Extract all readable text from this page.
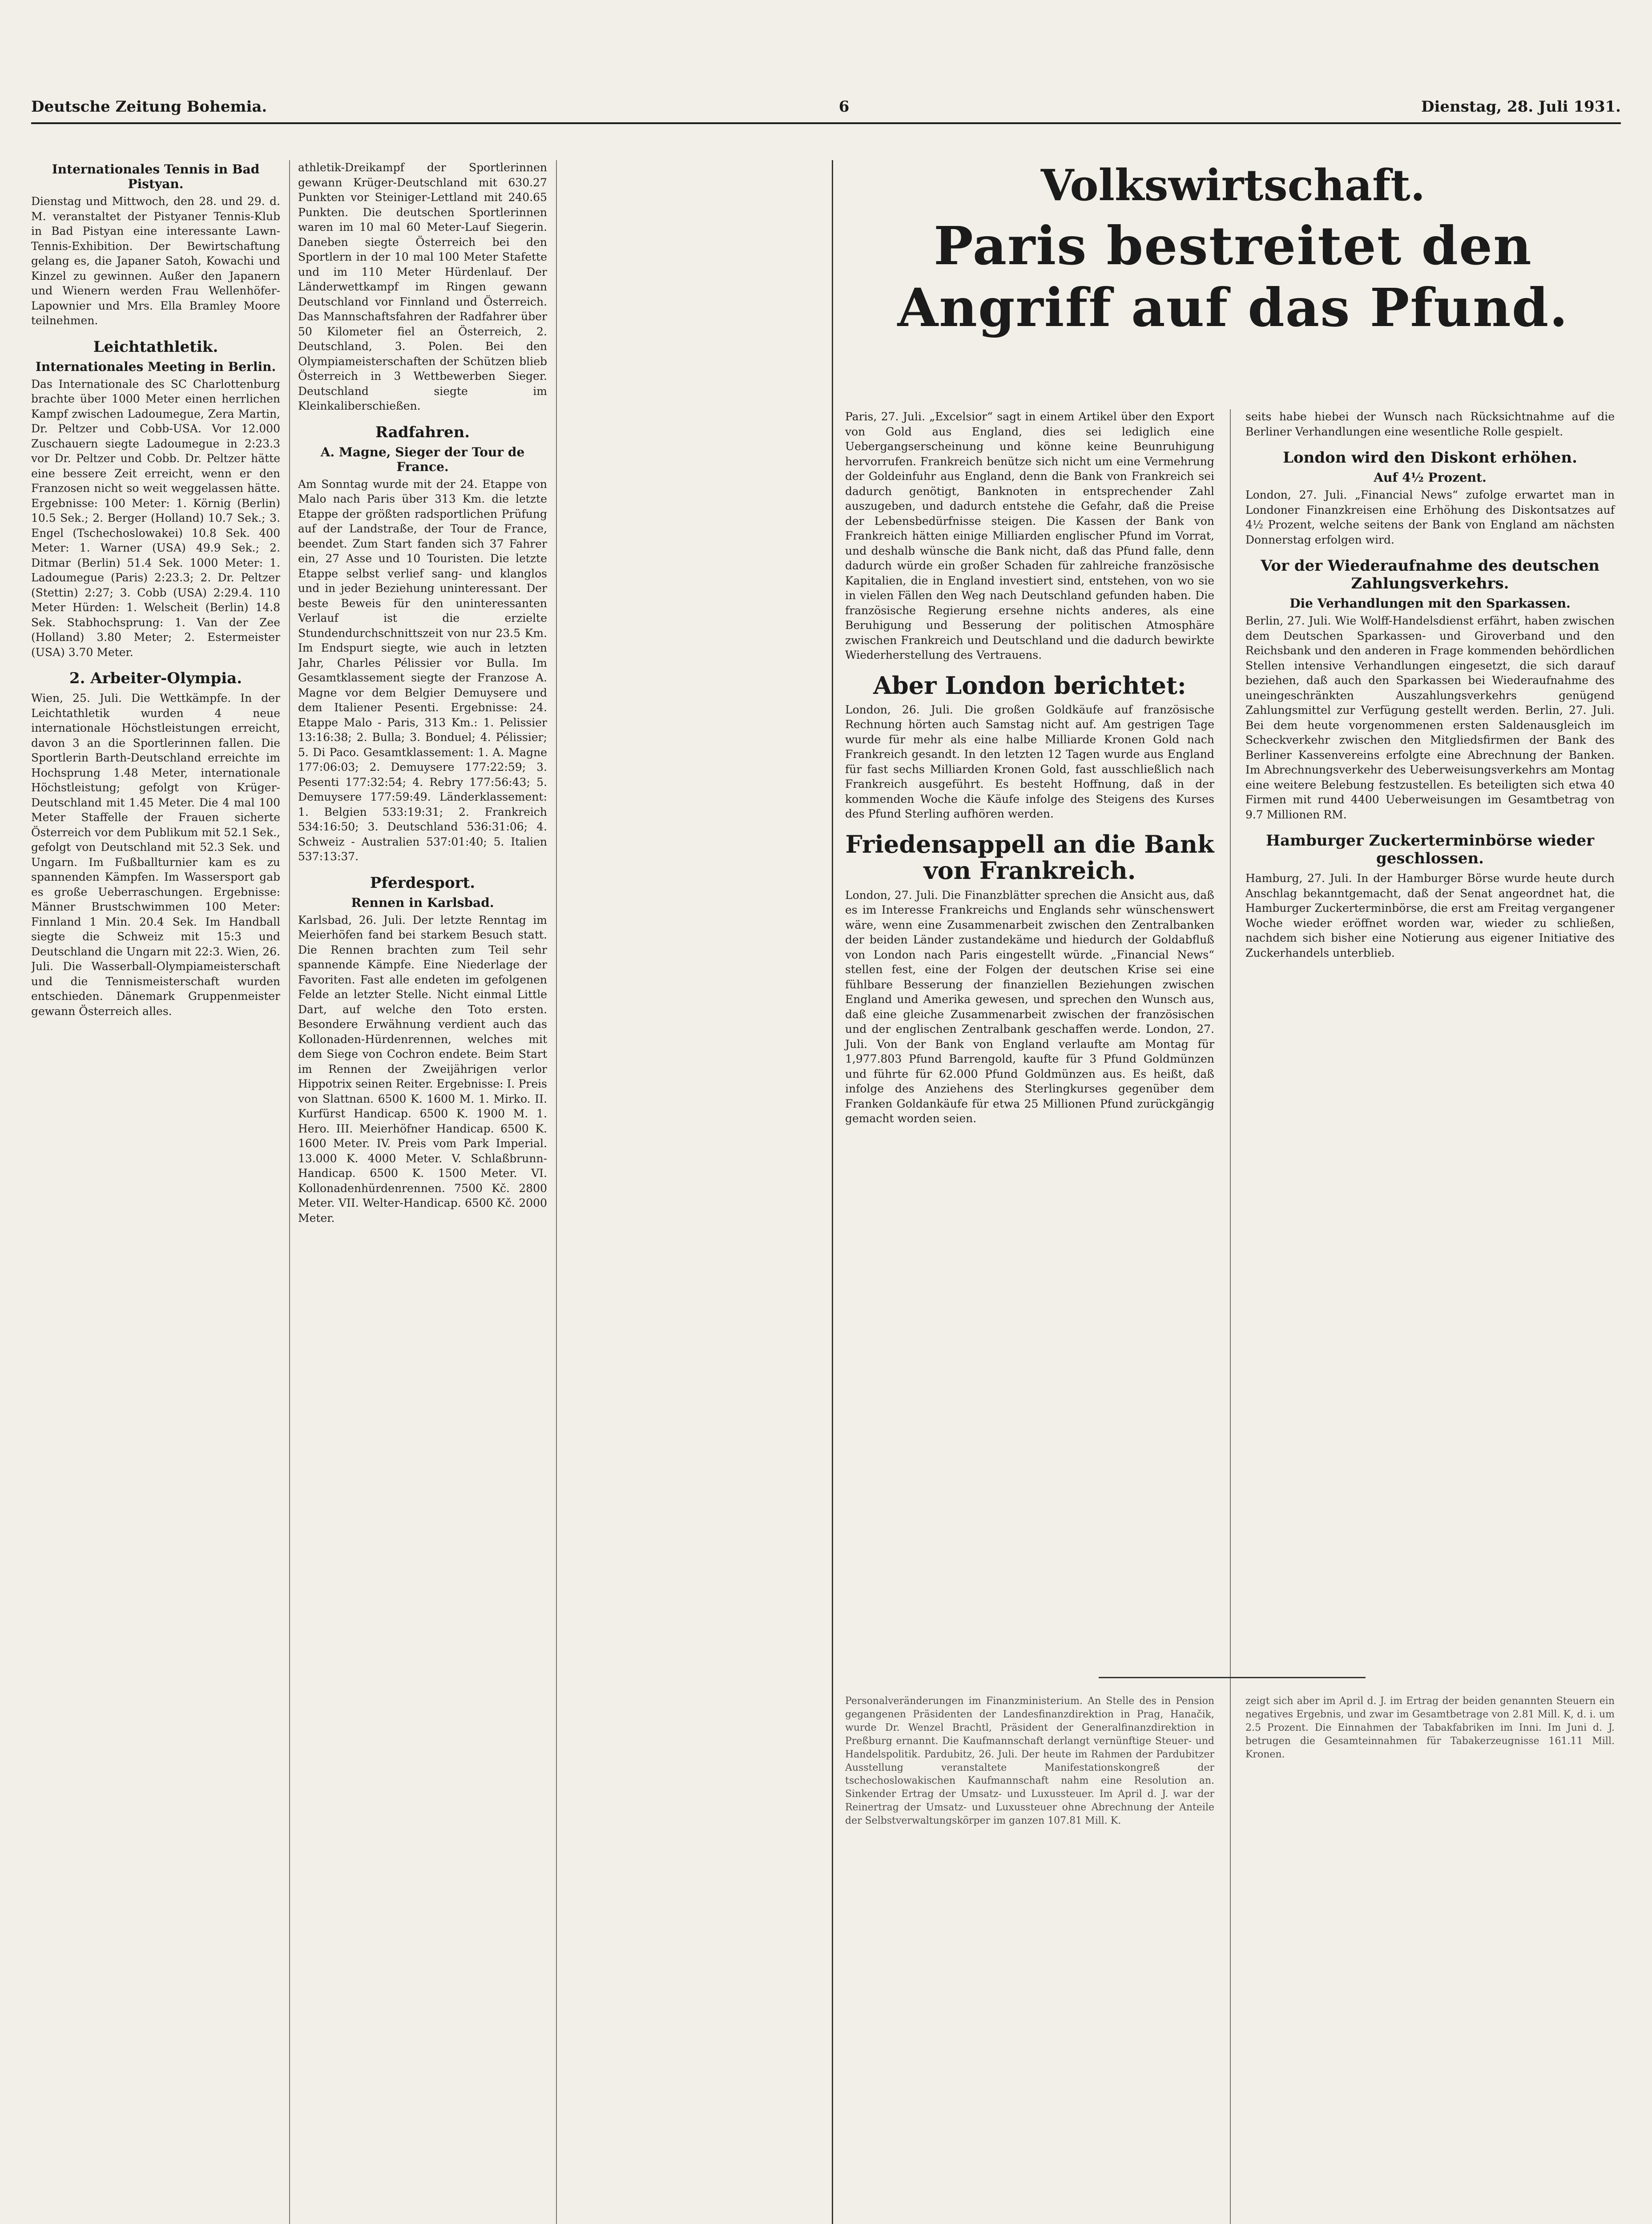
Deutsche Zeitung Bohemia.	6	Dienstag, 28. Juli 1931.
Internationales Tennis in Bad Pistyan.

Dienstag und Mittwoch, den 28. und 29. d. M. veranstaltet der Pistyaner Tennis-Klub in Bad Pistyan eine interessante Lawn-Tennis-Exhibition. Der Bewirtschaftung gelang es, die Japaner Satoh, Kowachi und Kinzel zu gewinnen. Außer den Japanern und Wienern werden Frau Wellenhöfer-Lapownier und Mrs. Ella Bramley Moore teilnehmen.

Leichtathletik.
Internationales Meeting in Berlin.

Das Internationale des SC Charlottenburg brachte über 1000 Meter einen herrlichen Kampf zwischen Ladoumegue, Zera Martin, Dr. Peltzer und Cobb-USA. Vor 12.000 Zuschauern siegte Ladoumegue in 2:23.3 vor Dr. Peltzer und Cobb. Dr. Peltzer hätte eine bessere Zeit erreicht, wenn er den Franzosen nicht so weit weggelassen hätte. Ergebnisse: 100 Meter: 1. Körnig (Berlin) 10.5 Sek.; 2. Berger (Holland) 10.7 Sek.; 3. Engel (Tschechoslowakei) 10.8 Sek. 400 Meter: 1. Warner (USA) 49.9 Sek.; 2. Ditmar (Berlin) 51.4 Sek. 1000 Meter: 1. Ladoumegue (Paris) 2:23.3; 2. Dr. Peltzer (Stettin) 2:27; 3. Cobb (USA) 2:29.4. 110 Meter Hürden: 1. Welscheit (Berlin) 14.8 Sek. Stabhochsprung: 1. Van der Zee (Holland) 3.80 Meter; 2. Estermeister (USA) 3.70 Meter.

2. Arbeiter-Olympia.

Wien, 25. Juli. Die Wettkämpfe. In der Leichtathletik wurden 4 neue internationale Höchstleistungen erreicht, davon 3 an die Sportlerinnen fallen. Die Sportlerin Barth-Deutschland erreichte im Hochsprung 1.48 Meter, internationale Höchstleistung; gefolgt von Krüger-Deutschland mit 1.45 Meter. Die 4 mal 100 Meter Staffelle der Frauen sicherte Österreich vor dem Publikum mit 52.1 Sek., gefolgt von Deutschland mit 52.3 Sek. und Ungarn. Im Fußballturnier kam es zu spannenden Kämpfen. Im Wassersport gab es große Ueberraschungen. Ergebnisse: Männer Brustschwimmen 100 Meter: Finnland 1 Min. 20.4 Sek. Im Handball siegte die Schweiz mit 15:3 und Deutschland die Ungarn mit 22:3. Wien, 26. Juli. Die Wasserball-Olympiameisterschaft und die Tennismeisterschaft wurden entschieden. Dänemark Gruppenmeister gewann Österreich alles.

athletik-Dreikampf der Sportlerinnen gewann Krüger-Deutschland mit 630.27 Punkten vor Steiniger-Lettland mit 240.65 Punkten. Die deutschen Sportlerinnen waren im 10 mal 60 Meter-Lauf Siegerin. Daneben siegte Österreich bei den Sportlern in der 10 mal 100 Meter Stafette und im 110 Meter Hürdenlauf. Der Länderwettkampf im Ringen gewann Deutschland vor Finnland und Österreich. Das Mannschaftsfahren der Radfahrer über 50 Kilometer fiel an Österreich, 2. Deutschland, 3. Polen. Bei den Olympiameisterschaften der Schützen blieb Österreich in 3 Wettbewerben Sieger. Deutschland siegte im Kleinkaliberschießen.

Radfahren.
A. Magne, Sieger der Tour de France.

Am Sonntag wurde mit der 24. Etappe von Malo nach Paris über 313 Km. die letzte Etappe der größten radsportlichen Prüfung auf der Landstraße, der Tour de France, beendet. Zum Start fanden sich 37 Fahrer ein, 27 Asse und 10 Touristen. Die letzte Etappe selbst verlief sang- und klanglos und in jeder Beziehung uninteressant. Der beste Beweis für den uninteressanten Verlauf ist die erzielte Stundendurchschnittszeit von nur 23.5 Km. Im Endspurt siegte, wie auch in letzten Jahr, Charles Pélissier vor Bulla. Im Gesamtklassement siegte der Franzose A. Magne vor dem Belgier Demuysere und dem Italiener Pesenti. Ergebnisse: 24. Etappe Malo - Paris, 313 Km.: 1. Pelissier 13:16:38; 2. Bulla; 3. Bonduel; 4. Pélissier; 5. Di Paco. Gesamtklassement: 1. A. Magne 177:06:03; 2. Demuysere 177:22:59; 3. Pesenti 177:32:54; 4. Rebry 177:56:43; 5. Demuysere 177:59:49. Länderklassement: 1. Belgien 533:19:31; 2. Frankreich 534:16:50; 3. Deutschland 536:31:06; 4. Schweiz - Australien 537:01:40; 5. Italien 537:13:37.

Pferdesport.
Rennen in Karlsbad.

Karlsbad, 26. Juli. Der letzte Renntag im Meierhöfen fand bei starkem Besuch statt. Die Rennen brachten zum Teil sehr spannende Kämpfe. Eine Niederlage der Favoriten. Fast alle endeten im gefolgenen Felde an letzter Stelle. Nicht einmal Little Dart, auf welche den Toto ersten. Besondere Erwähnung verdient auch das Kollonaden-Hürdenrennen, welches mit dem Siege von Cochron endete. Beim Start im Rennen der Zweijährigen verlor Hippotrix seinen Reiter. Ergebnisse: I. Preis von Slattnan. 6500 K. 1600 M. 1. Mirko. II. Kurfürst Handicap. 6500 K. 1900 M. 1. Hero. III. Meierhöfner Handicap. 6500 K. 1600 Meter. IV. Preis vom Park Imperial. 13.000 K. 4000 Meter. V. Schlaßbrunn-Handicap. 6500 K. 1500 Meter. VI. Kollonadenhürdenrennen. 7500 Kč. 2800 Meter. VII. Welter-Handicap. 6500 Kč. 2000 Meter.

Volkswirtschaft.
Paris bestreitet den Angriff auf das Pfund.

Paris, 27. Juli. „Excelsior“ sagt in einem Artikel über den Export von Gold aus England, dies sei lediglich eine Uebergangserscheinung und könne keine Beunruhigung hervorrufen. Frankreich benütze sich nicht um eine Vermehrung der Goldeinfuhr aus England, denn die Bank von Frankreich sei dadurch genötigt, Banknoten in entsprechender Zahl auszugeben, und dadurch entstehe die Gefahr, daß die Preise der Lebensbedürfnisse steigen. Die Kassen der Bank von Frankreich hätten einige Milliarden englischer Pfund im Vorrat, und deshalb wünsche die Bank nicht, daß das Pfund falle, denn dadurch würde ein großer Schaden für zahlreiche französische Kapitalien, die in England investiert sind, entstehen, von wo sie in vielen Fällen den Weg nach Deutschland gefunden haben. Die französische Regierung ersehne nichts anderes, als eine Beruhigung und Besserung der politischen Atmosphäre zwischen Frankreich und Deutschland und die dadurch bewirkte Wiederherstellung des Vertrauens.

Aber London berichtet:

London, 26. Juli. Die großen Goldkäufe auf französische Rechnung hörten auch Samstag nicht auf. Am gestrigen Tage wurde für mehr als eine halbe Milliarde Kronen Gold nach Frankreich gesandt. In den letzten 12 Tagen wurde aus England für fast sechs Milliarden Kronen Gold, fast ausschließlich nach Frankreich ausgeführt. Es besteht Hoffnung, daß in der kommenden Woche die Käufe infolge des Steigens des Kurses des Pfund Sterling aufhören werden.

Friedensappell an die Bank von Frankreich.

London, 27. Juli. Die Finanzblätter sprechen die Ansicht aus, daß es im Interesse Frankreichs und Englands sehr wünschenswert wäre, wenn eine Zusammenarbeit zwischen den Zentralbanken der beiden Länder zustandekäme und hiedurch der Goldabfluß von London nach Paris eingestellt würde. „Financial News“ stellen fest, eine der Folgen der deutschen Krise sei eine fühlbare Besserung der finanziellen Beziehungen zwischen England und Amerika gewesen, und sprechen den Wunsch aus, daß eine gleiche Zusammenarbeit zwischen der französischen und der englischen Zentralbank geschaffen werde. London, 27. Juli. Von der Bank von England verlaufte am Montag für 1,977.803 Pfund Barrengold, kaufte für 3 Pfund Goldmünzen und führte für 62.000 Pfund Goldmünzen aus. Es heißt, daß infolge des Anziehens des Sterlingkurses gegenüber dem Franken Goldankäufe für etwa 25 Millionen Pfund zurückgängig gemacht worden seien.

seits habe hiebei der Wunsch nach Rücksichtnahme auf die Berliner Verhandlungen eine wesentliche Rolle gespielt.

London wird den Diskont erhöhen.
Auf 4½ Prozent.

London, 27. Juli. „Financial News“ zufolge erwartet man in Londoner Finanzkreisen eine Erhöhung des Diskontsatzes auf 4½ Prozent, welche seitens der Bank von England am nächsten Donnerstag erfolgen wird.

Vor der Wiederaufnahme des deutschen Zahlungsverkehrs.
Die Verhandlungen mit den Sparkassen.

Berlin, 27. Juli. Wie Wolff-Handelsdienst erfährt, haben zwischen dem Deutschen Sparkassen- und Giroverband und den Reichsbank und den anderen in Frage kommenden behördlichen Stellen intensive Verhandlungen eingesetzt, die sich darauf beziehen, daß auch den Sparkassen bei Wiederaufnahme des uneingeschränkten Auszahlungsverkehrs genügend Zahlungsmittel zur Verfügung gestellt werden. Berlin, 27. Juli. Bei dem heute vorgenommenen ersten Saldenausgleich im Scheckverkehr zwischen den Mitgliedsfirmen der Bank des Berliner Kassenvereins erfolgte eine Abrechnung der Banken. Im Abrechnungsverkehr des Ueberweisungsverkehrs am Montag eine weitere Belebung festzustellen. Es beteiligten sich etwa 40 Firmen mit rund 4400 Ueberweisungen im Gesamtbetrag von 9.7 Millionen RM.

Hamburger Zuckerterminbörse wieder geschlossen.

Hamburg, 27. Juli. In der Hamburger Börse wurde heute durch Anschlag bekanntgemacht, daß der Senat angeordnet hat, die Hamburger Zuckerterminbörse, die erst am Freitag vergangener Woche wieder eröffnet worden war, wieder zu schließen, nachdem sich bisher eine Notierung aus eigener Initiative des Zuckerhandels unterblieb.

Personalveränderungen im Finanzministerium. An Stelle des in Pension gegangenen Präsidenten der Landesfinanzdirektion in Prag, Hanačik, wurde Dr. Wenzel Brachtl, Präsident der Generalfinanzdirektion in Preßburg ernannt. Die Kaufmannschaft derlangt vernünftige Steuer- und Handelspolitik. Pardubitz, 26. Juli. Der heute im Rahmen der Pardubitzer Ausstellung veranstaltete Manifestationskongreß der tschechoslowakischen Kaufmannschaft nahm eine Resolution an. Sinkender Ertrag der Umsatz- und Luxussteuer. Im April d. J. war der Reinertrag der Umsatz- und Luxussteuer ohne Abrechnung der Anteile der Selbstverwaltungskörper im ganzen 107.81 Mill. K.

zeigt sich aber im April d. J. im Ertrag der beiden genannten Steuern ein negatives Ergebnis, und zwar im Gesamtbetrage von 2.81 Mill. K, d. i. um 2.5 Prozent. Die Einnahmen der Tabakfabriken im Inni. Im Juni d. J. betrugen die Gesamteinnahmen für Tabakerzeugnisse 161.11 Mill. Kronen.
